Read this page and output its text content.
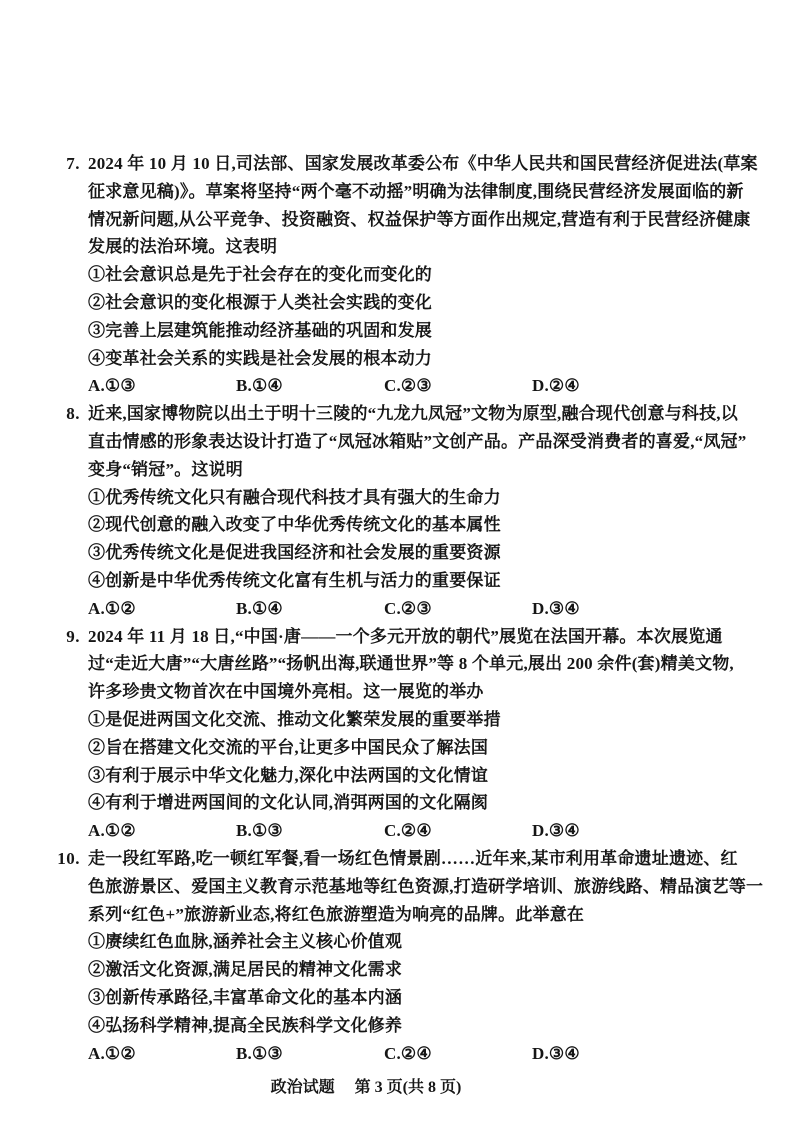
7. 2024 年 10 月 10 日,司法部、国家发展改革委公布《中华人民共和国民营经济促进法(草案
征求意见稿)》。草案将坚持“两个毫不动摇”明确为法律制度,围绕民营经济发展面临的新
情况新问题,从公平竞争、投资融资、权益保护等方面作出规定,营造有利于民营经济健康
发展的法治环境。这表明
①社会意识总是先于社会存在的变化而变化的
②社会意识的变化根源于人类社会实践的变化
③完善上层建筑能推动经济基础的巩固和发展
④变革社会关系的实践是社会发展的根本动力
A.①③	B.①④	C.②③	D.②④
8. 近来,国家博物院以出土于明十三陵的“九龙九凤冠”文物为原型,融合现代创意与科技,以
直击情感的形象表达设计打造了“凤冠冰箱贴”文创产品。产品深受消费者的喜爱,“凤冠”
变身“销冠”。这说明
①优秀传统文化只有融合现代科技才具有强大的生命力
②现代创意的融入改变了中华优秀传统文化的基本属性
③优秀传统文化是促进我国经济和社会发展的重要资源
④创新是中华优秀传统文化富有生机与活力的重要保证
A.①②	B.①④	C.②③	D.③④
9. 2024 年 11 月 18 日,“中国·唐——一个多元开放的朝代”展览在法国开幕。本次展览通
过“走近大唐”“大唐丝路”“扬帆出海,联通世界”等 8 个单元,展出 200 余件(套)精美文物,
许多珍贵文物首次在中国境外亮相。这一展览的举办
①是促进两国文化交流、推动文化繁荣发展的重要举措
②旨在搭建文化交流的平台,让更多中国民众了解法国
③有利于展示中华文化魅力,深化中法两国的文化情谊
④有利于增进两国间的文化认同,消弭两国的文化隔阂
A.①②	B.①③	C.②④	D.③④
10. 走一段红军路,吃一顿红军餐,看一场红色情景剧……近年来,某市利用革命遗址遗迹、红
色旅游景区、爱国主义教育示范基地等红色资源,打造研学培训、旅游线路、精品演艺等一
系列“红色+”旅游新业态,将红色旅游塑造为响亮的品牌。此举意在
①赓续红色血脉,涵养社会主义核心价值观
②激活文化资源,满足居民的精神文化需求
③创新传承路径,丰富革命文化的基本内涵
④弘扬科学精神,提高全民族科学文化修养
A.①②	B.①③	C.②④	D.③④
政治试题 第 3 页(共 8 页)
